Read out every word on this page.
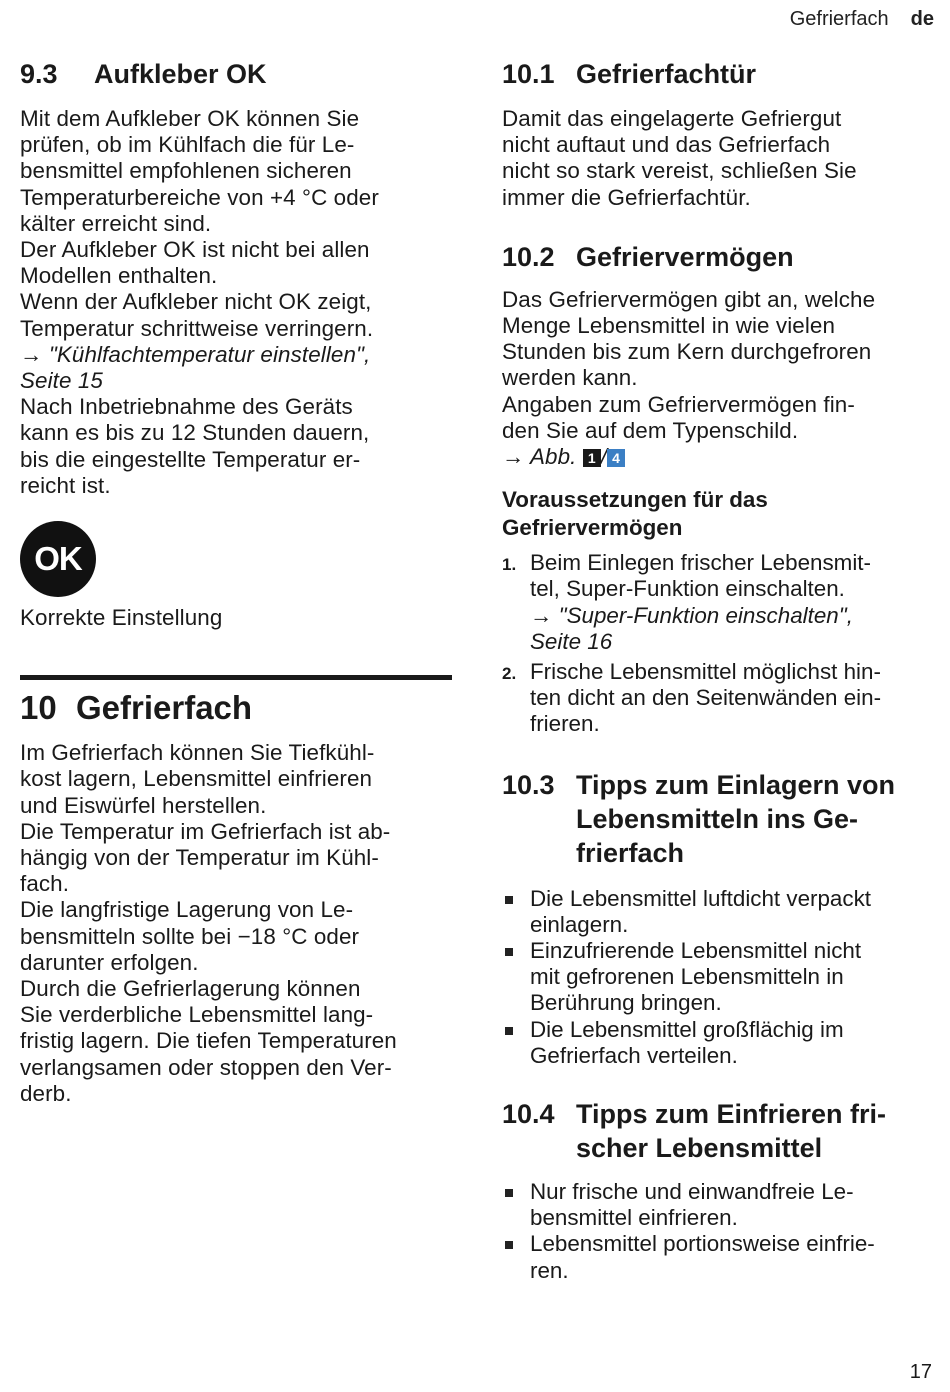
Gefrierfach de
9.3	Aufkleber OK
Mit dem Aufkleber OK können Sie
prüfen, ob im Kühlfach die für Le-
bensmittel empfohlenen sicheren
Temperaturbereiche von +4 °C oder
kälter erreicht sind.
Der Aufkleber OK ist nicht bei allen
Modellen enthalten.
Wenn der Aufkleber nicht OK zeigt,
Temperatur schrittweise verringern.
→ "Kühlfachtemperatur einstellen",
Seite 15
Nach Inbetriebnahme des Geräts
kann es bis zu 12 Stunden dauern,
bis die eingestellte Temperatur er-
reicht ist.
OK
Korrekte Einstellung
10 Gefrierfach
Im Gefrierfach können Sie Tiefkühl-
kost lagern, Lebensmittel einfrieren
und Eiswürfel herstellen.
Die Temperatur im Gefrierfach ist ab-
hängig von der Temperatur im Kühl-
fach.
Die langfristige Lagerung von Le-
bensmitteln sollte bei −18 °C oder
darunter erfolgen.
Durch die Gefrierlagerung können
Sie verderbliche Lebensmittel lang-
fristig lagern. Die tiefen Temperaturen
verlangsamen oder stoppen den Ver-
derb.
10.1 Gefrierfachtür
Damit das eingelagerte Gefriergut
nicht auftaut und das Gefrierfach
nicht so stark vereist, schließen Sie
immer die Gefrierfachtür.
10.2 Gefriervermögen
Das Gefriervermögen gibt an, welche
Menge Lebensmittel in wie vielen
Stunden bis zum Kern durchgefroren
werden kann.
Angaben zum Gefriervermögen fin-
den Sie auf dem Typenschild.
→ Abb. 1 / 4
Voraussetzungen für das
Gefriervermögen
1. Beim Einlegen frischer Lebensmit-
tel, Super-Funktion einschalten.
→ "Super-Funktion einschalten",
Seite 16
2. Frische Lebensmittel möglichst hin-
ten dicht an den Seitenwänden ein-
frieren.
10.3 Tipps zum Einlagern von
Lebensmitteln ins Ge-
frierfach
Die Lebensmittel luftdicht verpackt
einlagern.
Einzufrierende Lebensmittel nicht
mit gefrorenen Lebensmitteln in
Berührung bringen.
Die Lebensmittel großflächig im
Gefrierfach verteilen.
10.4 Tipps zum Einfrieren fri-
scher Lebensmittel
Nur frische und einwandfreie Le-
bensmittel einfrieren.
Lebensmittel portionsweise einfrie-
ren.
17
